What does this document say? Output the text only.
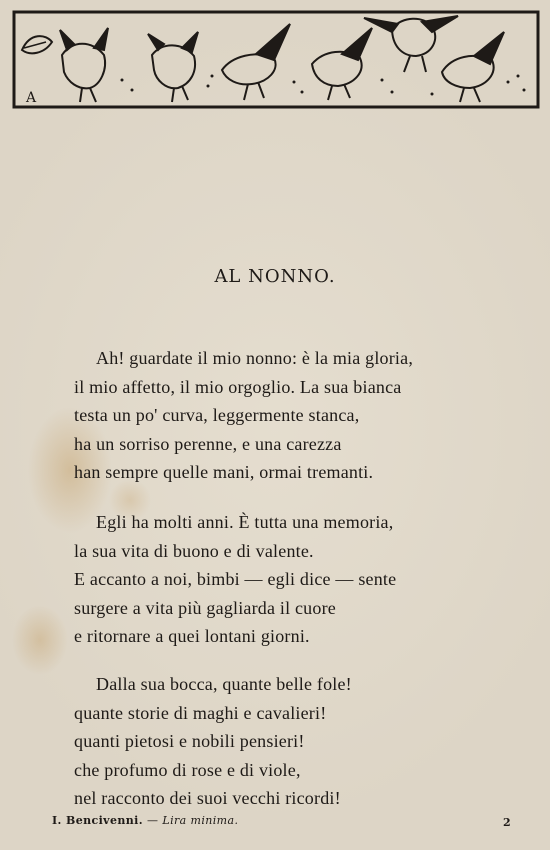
A
AL NONNO.
Ah! guardate il mio nonno: è la mia gloria,
il mio affetto, il mio orgoglio. La sua bianca
testa un po' curva, leggermente stanca,
ha un sorriso perenne, e una carezza
han sempre quelle mani, ormai tremanti.
Egli ha molti anni. È tutta una memoria,
la sua vita di buono e di valente.
E accanto a noi, bimbi — egli dice — sente
surgere a vita più gagliarda il cuore
e ritornare a quei lontani giorni.
Dalla sua bocca, quante belle fole!
quante storie di maghi e cavalieri!
quanti pietosi e nobili pensieri!
che profumo di rose e di viole,
nel racconto dei suoi vecchi ricordi!
I. Bencivenni. — Lira minima.	2
